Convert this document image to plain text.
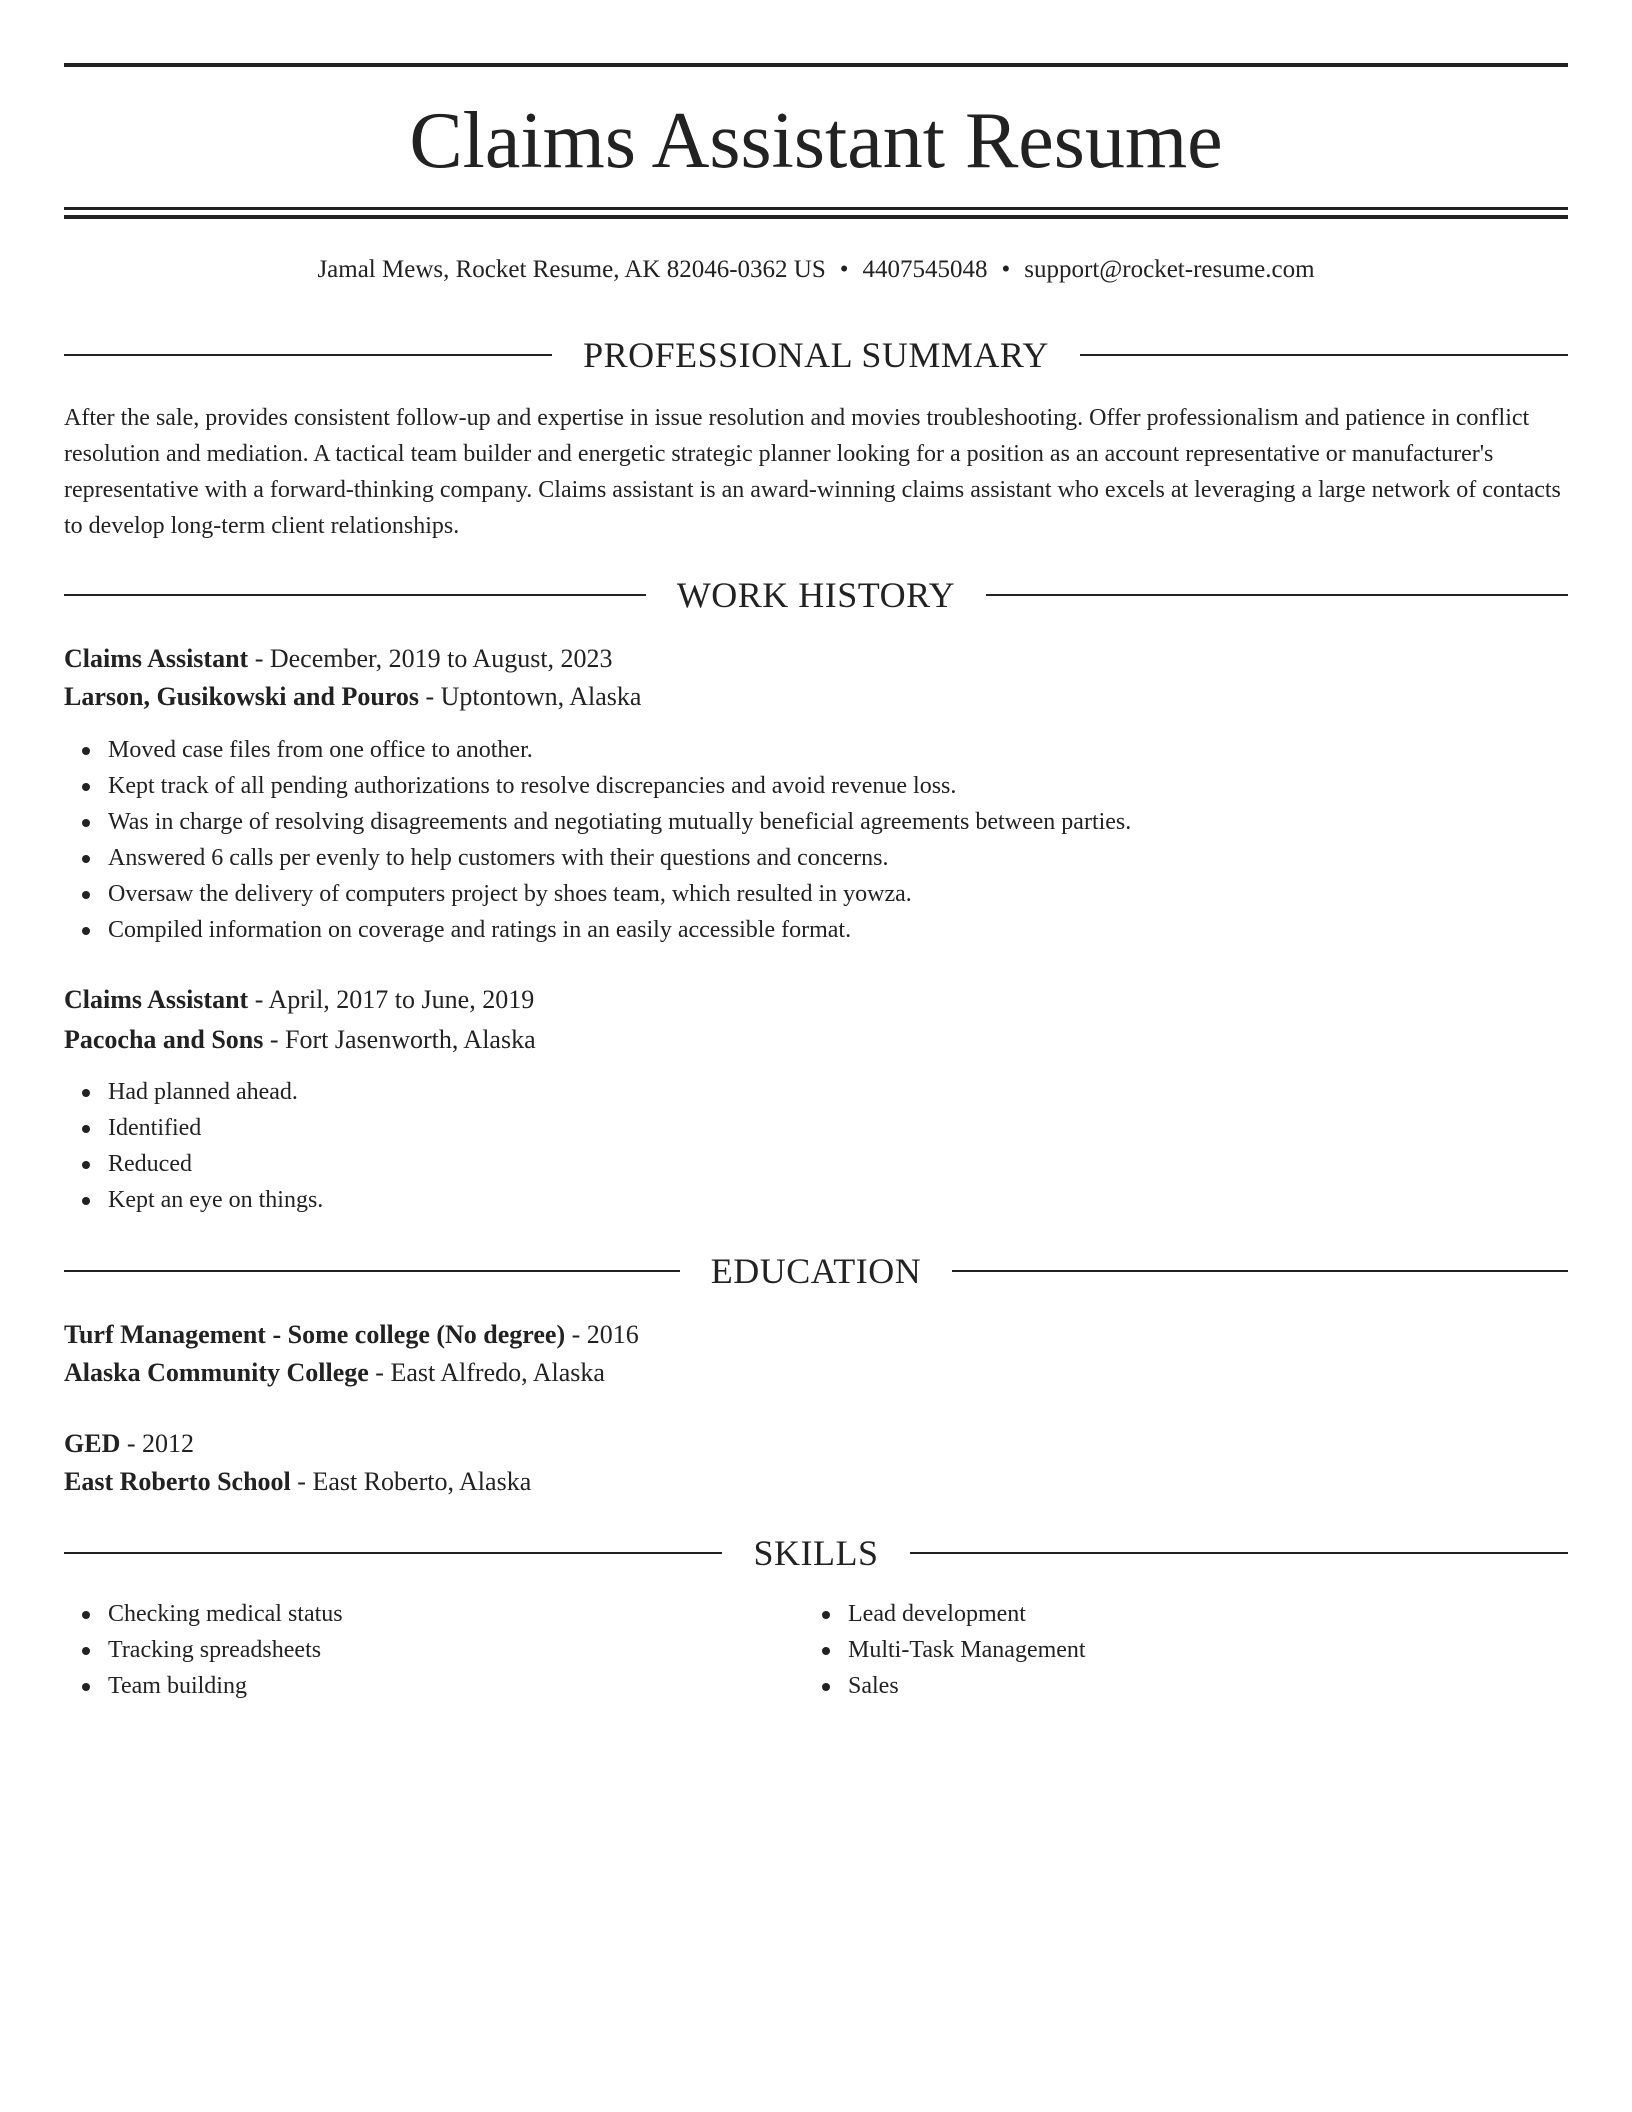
Claims Assistant Resume
Jamal Mews, Rocket Resume, AK 82046-0362 US • 4407545048 • support@rocket-resume.com
PROFESSIONAL SUMMARY

After the sale, provides consistent follow-up and expertise in issue resolution and movies troubleshooting. Offer professionalism and patience in conflict resolution and mediation. A tactical team builder and energetic strategic planner looking for a position as an account representative or manufacturer's representative with a forward-thinking company. Claims assistant is an award-winning claims assistant who excels at leveraging a large network of contacts to develop long-term client relationships.

WORK HISTORY
Claims Assistant - December, 2019 to August, 2023
Larson, Gusikowski and Pouros - Uptontown, Alaska
Moved case files from one office to another.
Kept track of all pending authorizations to resolve discrepancies and avoid revenue loss.
Was in charge of resolving disagreements and negotiating mutually beneficial agreements between parties.
Answered 6 calls per evenly to help customers with their questions and concerns.
Oversaw the delivery of computers project by shoes team, which resulted in yowza.
Compiled information on coverage and ratings in an easily accessible format.
Claims Assistant - April, 2017 to June, 2019
Pacocha and Sons - Fort Jasenworth, Alaska
Had planned ahead.
Identified
Reduced
Kept an eye on things.
EDUCATION
Turf Management - Some college (No degree) - 2016
Alaska Community College - East Alfredo, Alaska
GED - 2012
East Roberto School - East Roberto, Alaska
SKILLS
Checking medical status
Tracking spreadsheets
Team building
Lead development
Multi-Task Management
Sales
